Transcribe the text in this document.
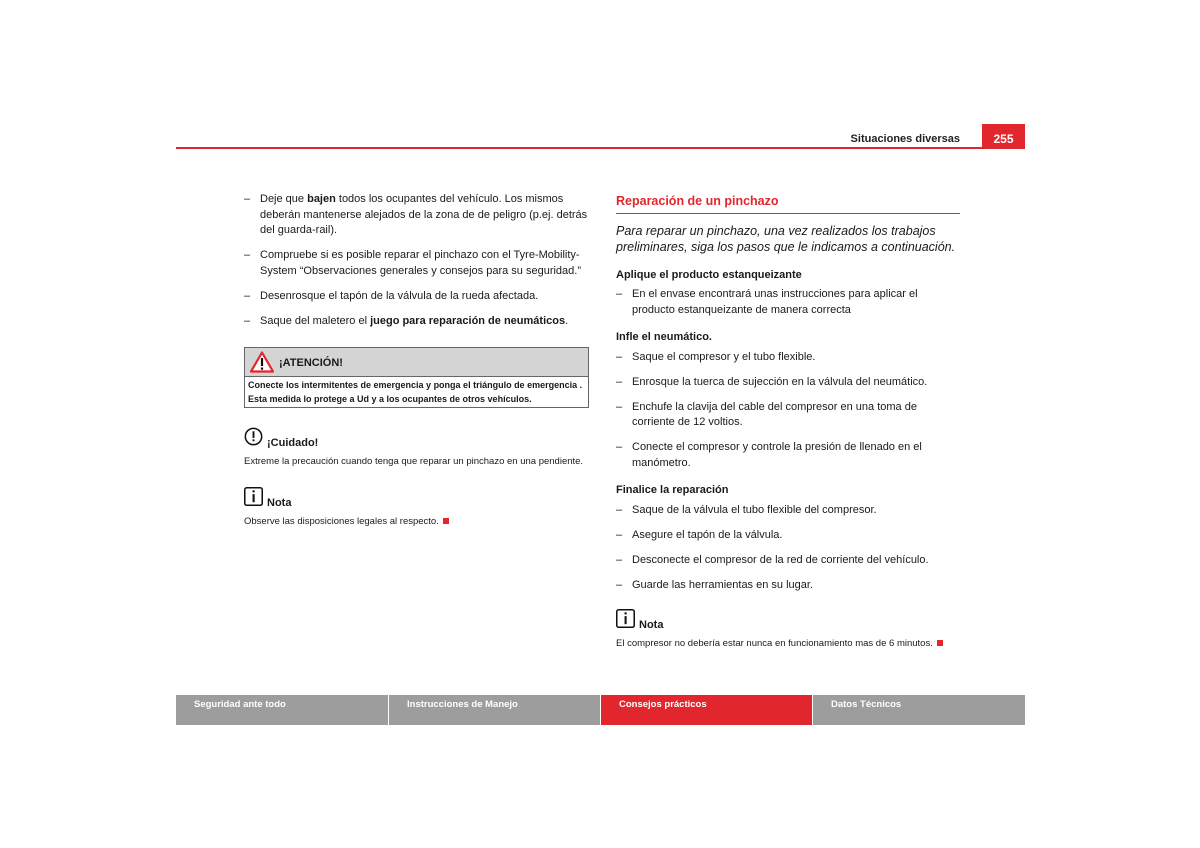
Situaciones diversas	255
– Deje que bajen todos los ocupantes del vehículo. Los mismos deberán mantenerse alejados de la zona de de peligro (p.ej. detrás del guarda-rail).
– Compruebe si es posible reparar el pinchazo con el Tyre-Mobility-System “Observaciones generales y consejos para su seguridad.”
– Desenrosque el tapón de la válvula de la rueda afectada.
– Saque del maletero el juego para reparación de neumáticos.
¡ATENCIÓN!
Conecte los intermitentes de emergencia y ponga el triángulo de emergencia . Esta medida lo protege a Ud y a los ocupantes de otros vehículos.
¡Cuidado!
Extreme la precaución cuando tenga que reparar un pinchazo en una pendiente.
Nota
Observe las disposiciones legales al respecto.
Reparación de un pinchazo
Para reparar un pinchazo, una vez realizados los trabajos preliminares, siga los pasos que le indicamos a continuación.
Aplique el producto estanqueizante
– En el envase encontrará unas instrucciones para aplicar el producto estanqueizante de manera correcta
Infle el neumático.
– Saque el compresor y el tubo flexible.
– Enrosque la tuerca de sujección en la válvula del neumático.
– Enchufe la clavija del cable del compresor en una toma de corriente de 12 voltios.
– Conecte el compresor y controle la presión de llenado en el manómetro.
Finalice la reparación
– Saque de la válvula el tubo flexible del compresor.
– Asegure el tapón de la válvula.
– Desconecte el compresor de la red de corriente del vehículo.
– Guarde las herramientas en su lugar.
Nota
El compresor no debería estar nunca en funcionamiento mas de 6 minutos.
Seguridad ante todo	Instrucciones de Manejo	Consejos prácticos	Datos Técnicos
